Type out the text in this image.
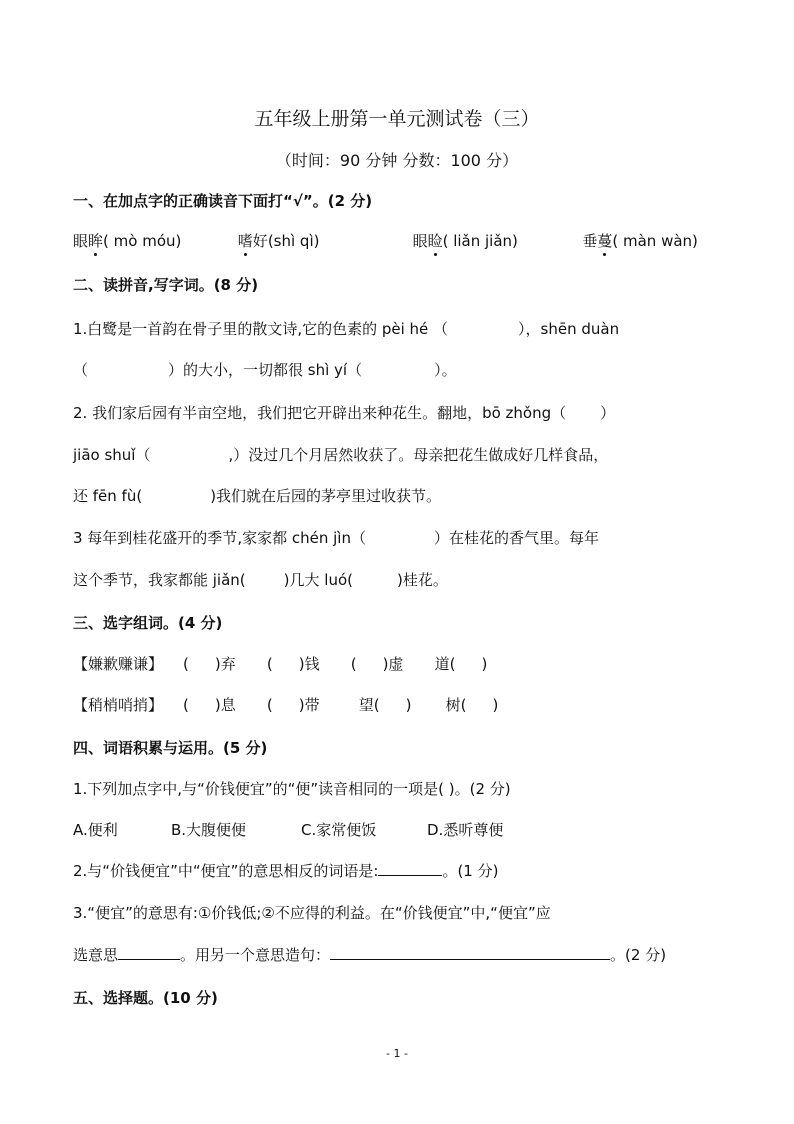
五年级上册第一单元测试卷（三）
（时间：90 分钟 分数：100 分）
一、在加点字的正确读音下面打“√”。(2 分)
眼眸( mò móu)	嗜好(shì qì)	眼睑( liǎn jiǎn)	垂蔓( màn wàn)
二、读拼音,写字词。(8 分)
1.白鹭是一首韵在骨子里的散文诗,它的色素的 pèi hé （	），shēn duàn
（	）的大小，一切都很 shì yí（	）。
2. 我们家后园有半亩空地，我们把它开辟出来种花生。翻地，bō zhǒng（ ）
jiāo shuǐ（	,）没过几个月居然收获了。母亲把花生做成好几样食品，
还 fēn fù(	)我们就在后园的茅亭里过收获节。
3 每年到桂花盛开的季节,家家都 chén jìn（	）在桂花的香气里。每年
这个季节，我家都能 jiǎn(	)几大 luó(	)桂花。
三、选字组词。(4 分)
【嫌歉赚谦】 ( )弃 ( )钱 ( )虚 道( )
【稍梢哨捎】 ( )息 ( )带	望( ) 树( )
四、词语积累与运用。(5 分)
1.下列加点字中,与“价钱便宜”的“便”读音相同的一项是( )。(2 分)
A.便利	B.大腹便便	C.家常便饭	D.悉听尊便
2.与“价钱便宜”中“便宜”的意思相反的词语是:	。(1 分)
3.“便宜”的意思有:①价钱低;②不应得的利益。在“价钱便宜”中,“便宜”应
选意思	。用另一个意思造句：	。(2 分)
五、选择题。(10 分)
- 1 -
